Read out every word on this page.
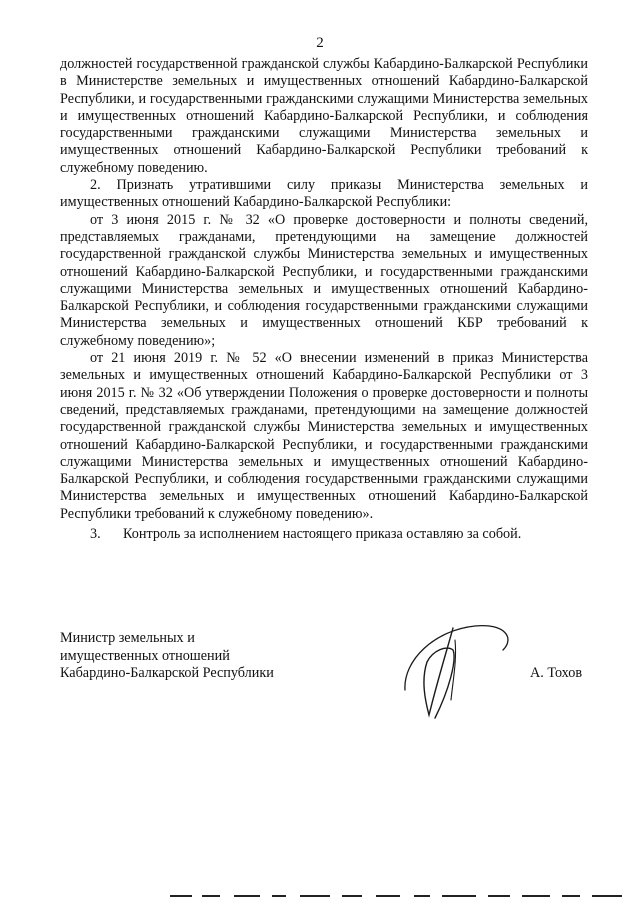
2

должностей государственной гражданской службы Кабардино-Балкарской Республики в Министерстве земельных и имущественных отношений Кабардино-Балкарской Республики, и государственными гражданскими служащими Министерства земельных и имущественных отношений Кабардино-Балкарской Республики, и соблюдения государственными гражданскими служащими Министерства земельных и имущественных отношений Кабардино-Балкарской Республики требований к служебному поведению.

2. Признать утратившими силу приказы Министерства земельных и имущественных отношений Кабардино-Балкарской Республики:

от 3 июня 2015 г. № 32 «О проверке достоверности и полноты сведений, представляемых гражданами, претендующими на замещение должностей государственной гражданской службы Министерства земельных и имущественных отношений Кабардино-Балкарской Республики, и государственными гражданскими служащими Министерства земельных и имущественных отношений Кабардино-Балкарской Республики, и соблюдения государственными гражданскими служащими Министерства земельных и имущественных отношений КБР требований к служебному поведению»;

от 21 июня 2019 г. № 52 «О внесении изменений в приказ Министерства земельных и имущественных отношений Кабардино-Балкарской Республики от 3 июня 2015 г. № 32 «Об утверждении Положения о проверке достоверности и полноты сведений, представляемых гражданами, претендующими на замещение должностей государственной гражданской службы Министерства земельных и имущественных отношений Кабардино-Балкарской Республики, и государственными гражданскими служащими Министерства земельных и имущественных отношений Кабардино-Балкарской Республики, и соблюдения государственными гражданскими служащими Министерства земельных и имущественных отношений Кабардино-Балкарской Республики требований к служебному поведению».

3. Контроль за исполнением настоящего приказа оставляю за собой.

Министр земельных и
имущественных отношений
Кабардино-Балкарской Республики	А. Тохов
